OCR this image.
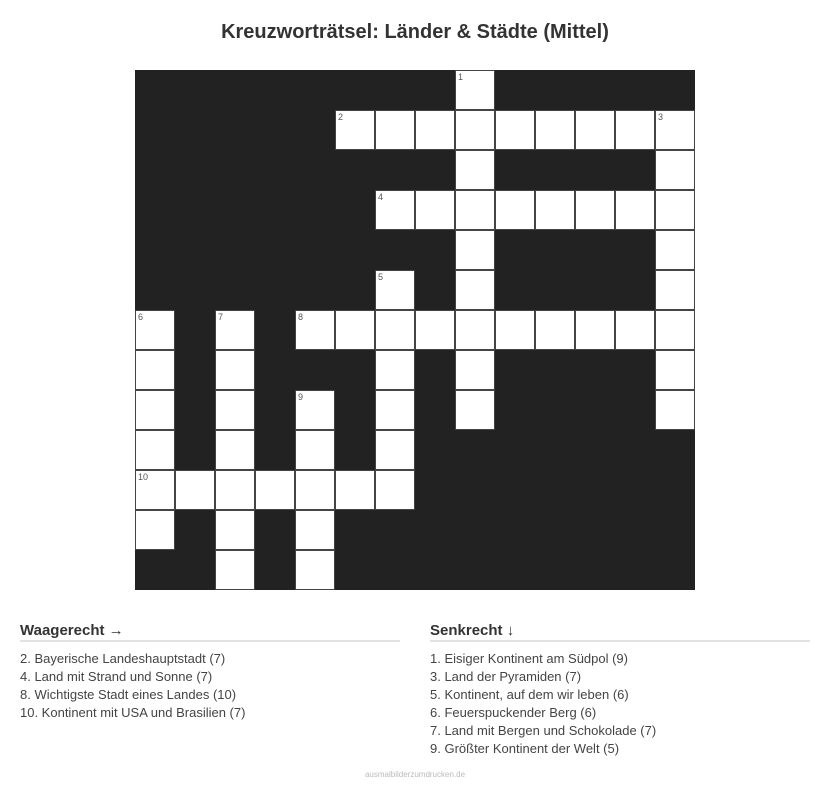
Kreuzworträtsel: Länder & Städte (Mittel)
1
2	3
4
5
6	7	8
9
10
Waagerecht →
2. Bayerische Landeshauptstadt (7)
4. Land mit Strand und Sonne (7)
8. Wichtigste Stadt eines Landes (10)
10. Kontinent mit USA und Brasilien (7)
Senkrecht ↓
1. Eisiger Kontinent am Südpol (9)
3. Land der Pyramiden (7)
5. Kontinent, auf dem wir leben (6)
6. Feuerspuckender Berg (6)
7. Land mit Bergen und Schokolade (7)
9. Größter Kontinent der Welt (5)
ausmalbilderzumdrucken.de
